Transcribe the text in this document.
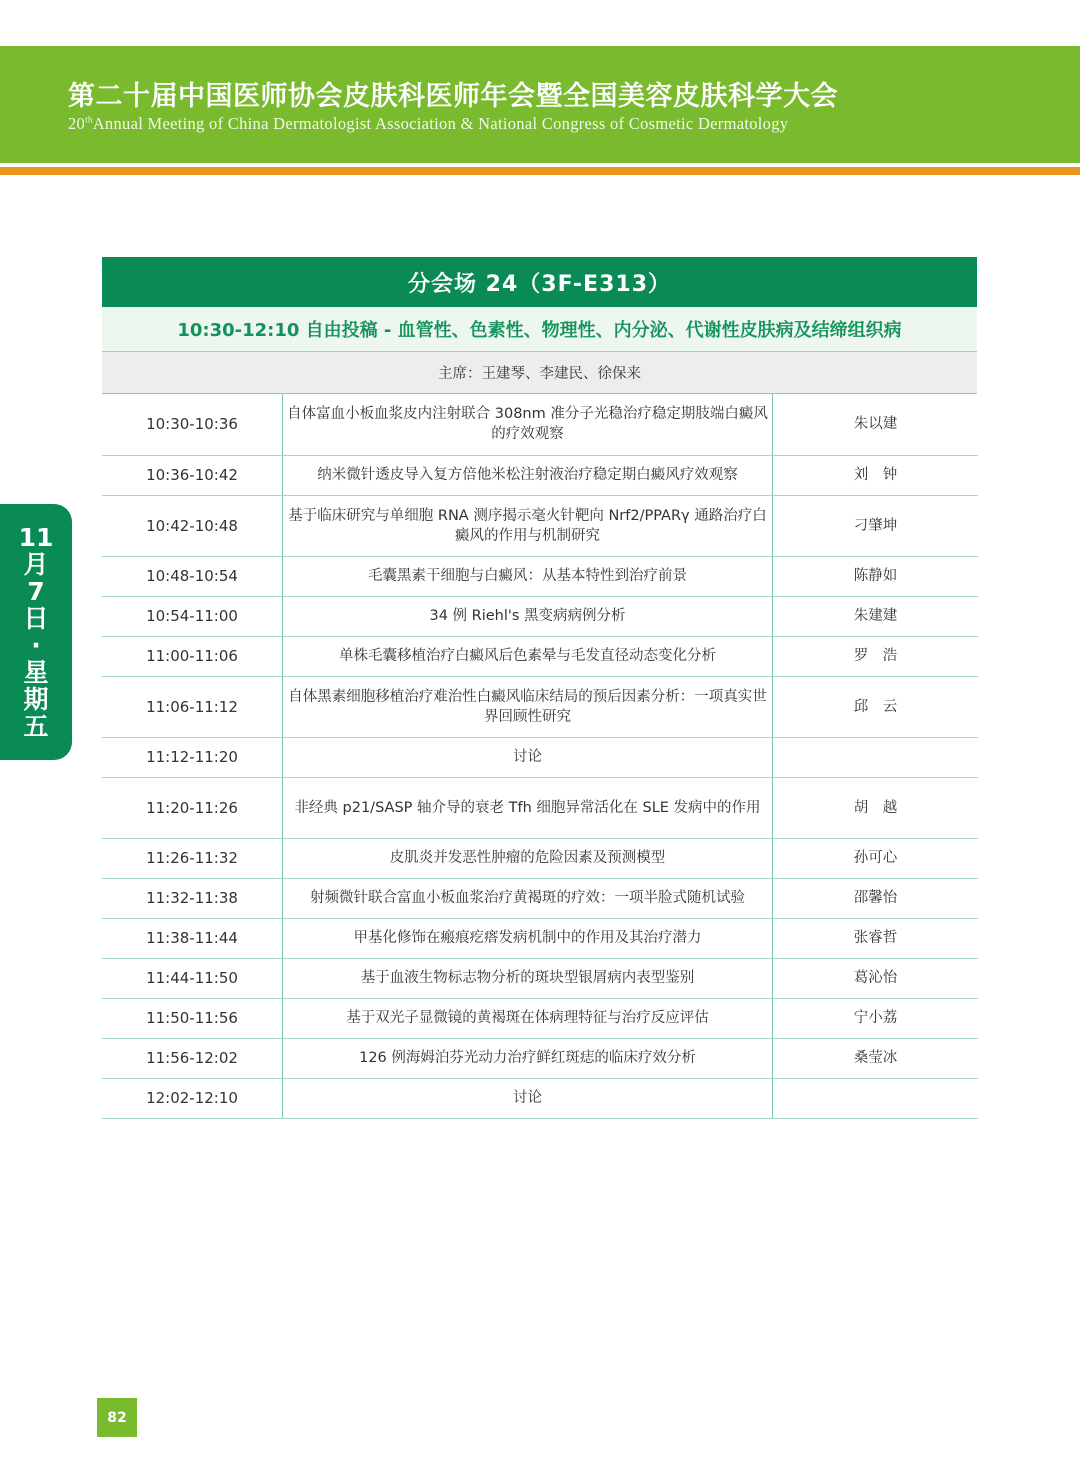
第二十届中国医师协会皮肤科医师年会暨全国美容皮肤科学大会
20thAnnual Meeting of China Dermatologist Association & National Congress of Cosmetic Dermatology
11
月
7
日
·
星
期
五
分会场 24（3F-E313）
10:30-12:10 自由投稿 - 血管性、色素性、物理性、内分泌、代谢性皮肤病及结缔组织病
主席：王建琴、李建民、徐保来
10:30-10:36	自体富血小板血浆皮内注射联合 308nm 准分子光稳治疗稳定期肢端白癜风的疗效观察	朱以建
10:36-10:42	纳米微针透皮导入复方倍他米松注射液治疗稳定期白癜风疗效观察	刘　钟
10:42-10:48	基于临床研究与单细胞 RNA 测序揭示毫火针靶向 Nrf2/PPARγ 通路治疗白癜风的作用与机制研究	刁肇坤
10:48-10:54	毛囊黑素干细胞与白癜风：从基本特性到治疗前景	陈静如
10:54-11:00	34 例 Riehl's 黑变病病例分析	朱建建
11:00-11:06	单株毛囊移植治疗白癜风后色素晕与毛发直径动态变化分析	罗　浩
11:06-11:12	自体黑素细胞移植治疗难治性白癜风临床结局的预后因素分析：一项真实世界回顾性研究	邱　云
11:12-11:20	讨论	
11:20-11:26	非经典 p21/SASP 轴介导的衰老 Tfh 细胞异常活化在 SLE 发病中的作用	胡　越
11:26-11:32	皮肌炎并发恶性肿瘤的危险因素及预测模型	孙可心
11:32-11:38	射频微针联合富血小板血浆治疗黄褐斑的疗效：一项半脸式随机试验	邵馨怡
11:38-11:44	甲基化修饰在瘢痕疙瘩发病机制中的作用及其治疗潜力	张睿哲
11:44-11:50	基于血液生物标志物分析的斑块型银屑病内表型鉴别	葛沁怡
11:50-11:56	基于双光子显微镜的黄褐斑在体病理特征与治疗反应评估	宁小荔
11:56-12:02	126 例海姆泊芬光动力治疗鲜红斑痣的临床疗效分析	桑莹冰
12:02-12:10	讨论	
82
